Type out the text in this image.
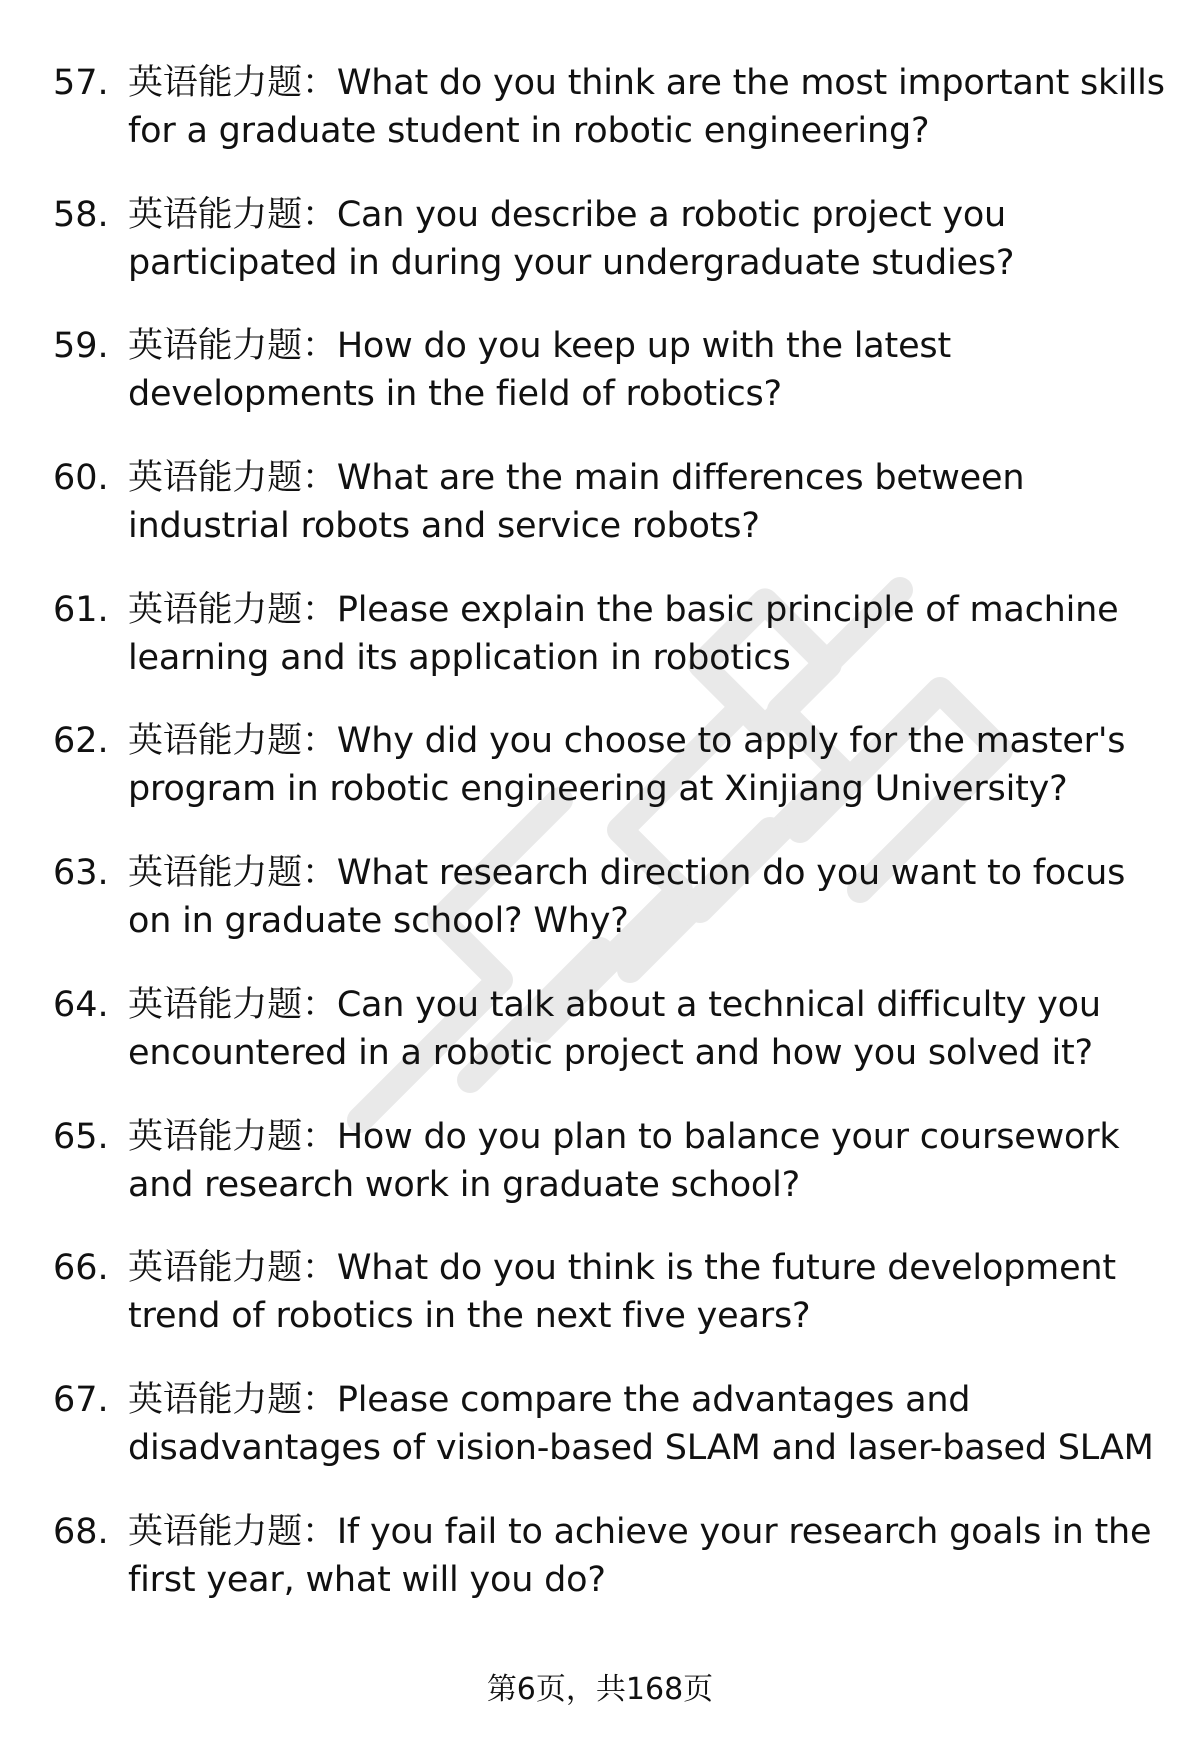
57. 英语能力题：What do you think are the most important skills for a graduate student in robotic engineering?
58. 英语能力题：Can you describe a robotic project you participated in during your undergraduate studies?
59. 英语能力题：How do you keep up with the latest developments in the field of robotics?
60. 英语能力题：What are the main differences between industrial robots and service robots?
61. 英语能力题：Please explain the basic principle of machine learning and its application in robotics
62. 英语能力题：Why did you choose to apply for the master's program in robotic engineering at Xinjiang University?
63. 英语能力题：What research direction do you want to focus on in graduate school? Why?
64. 英语能力题：Can you talk about a technical difficulty you encountered in a robotic project and how you solved it?
65. 英语能力题：How do you plan to balance your coursework and research work in graduate school?
66. 英语能力题：What do you think is the future development trend of robotics in the next five years?
67. 英语能力题：Please compare the advantages and disadvantages of vision-based SLAM and laser-based SLAM
68. 英语能力题：If you fail to achieve your research goals in the first year, what will you do?
第6页，共168页
